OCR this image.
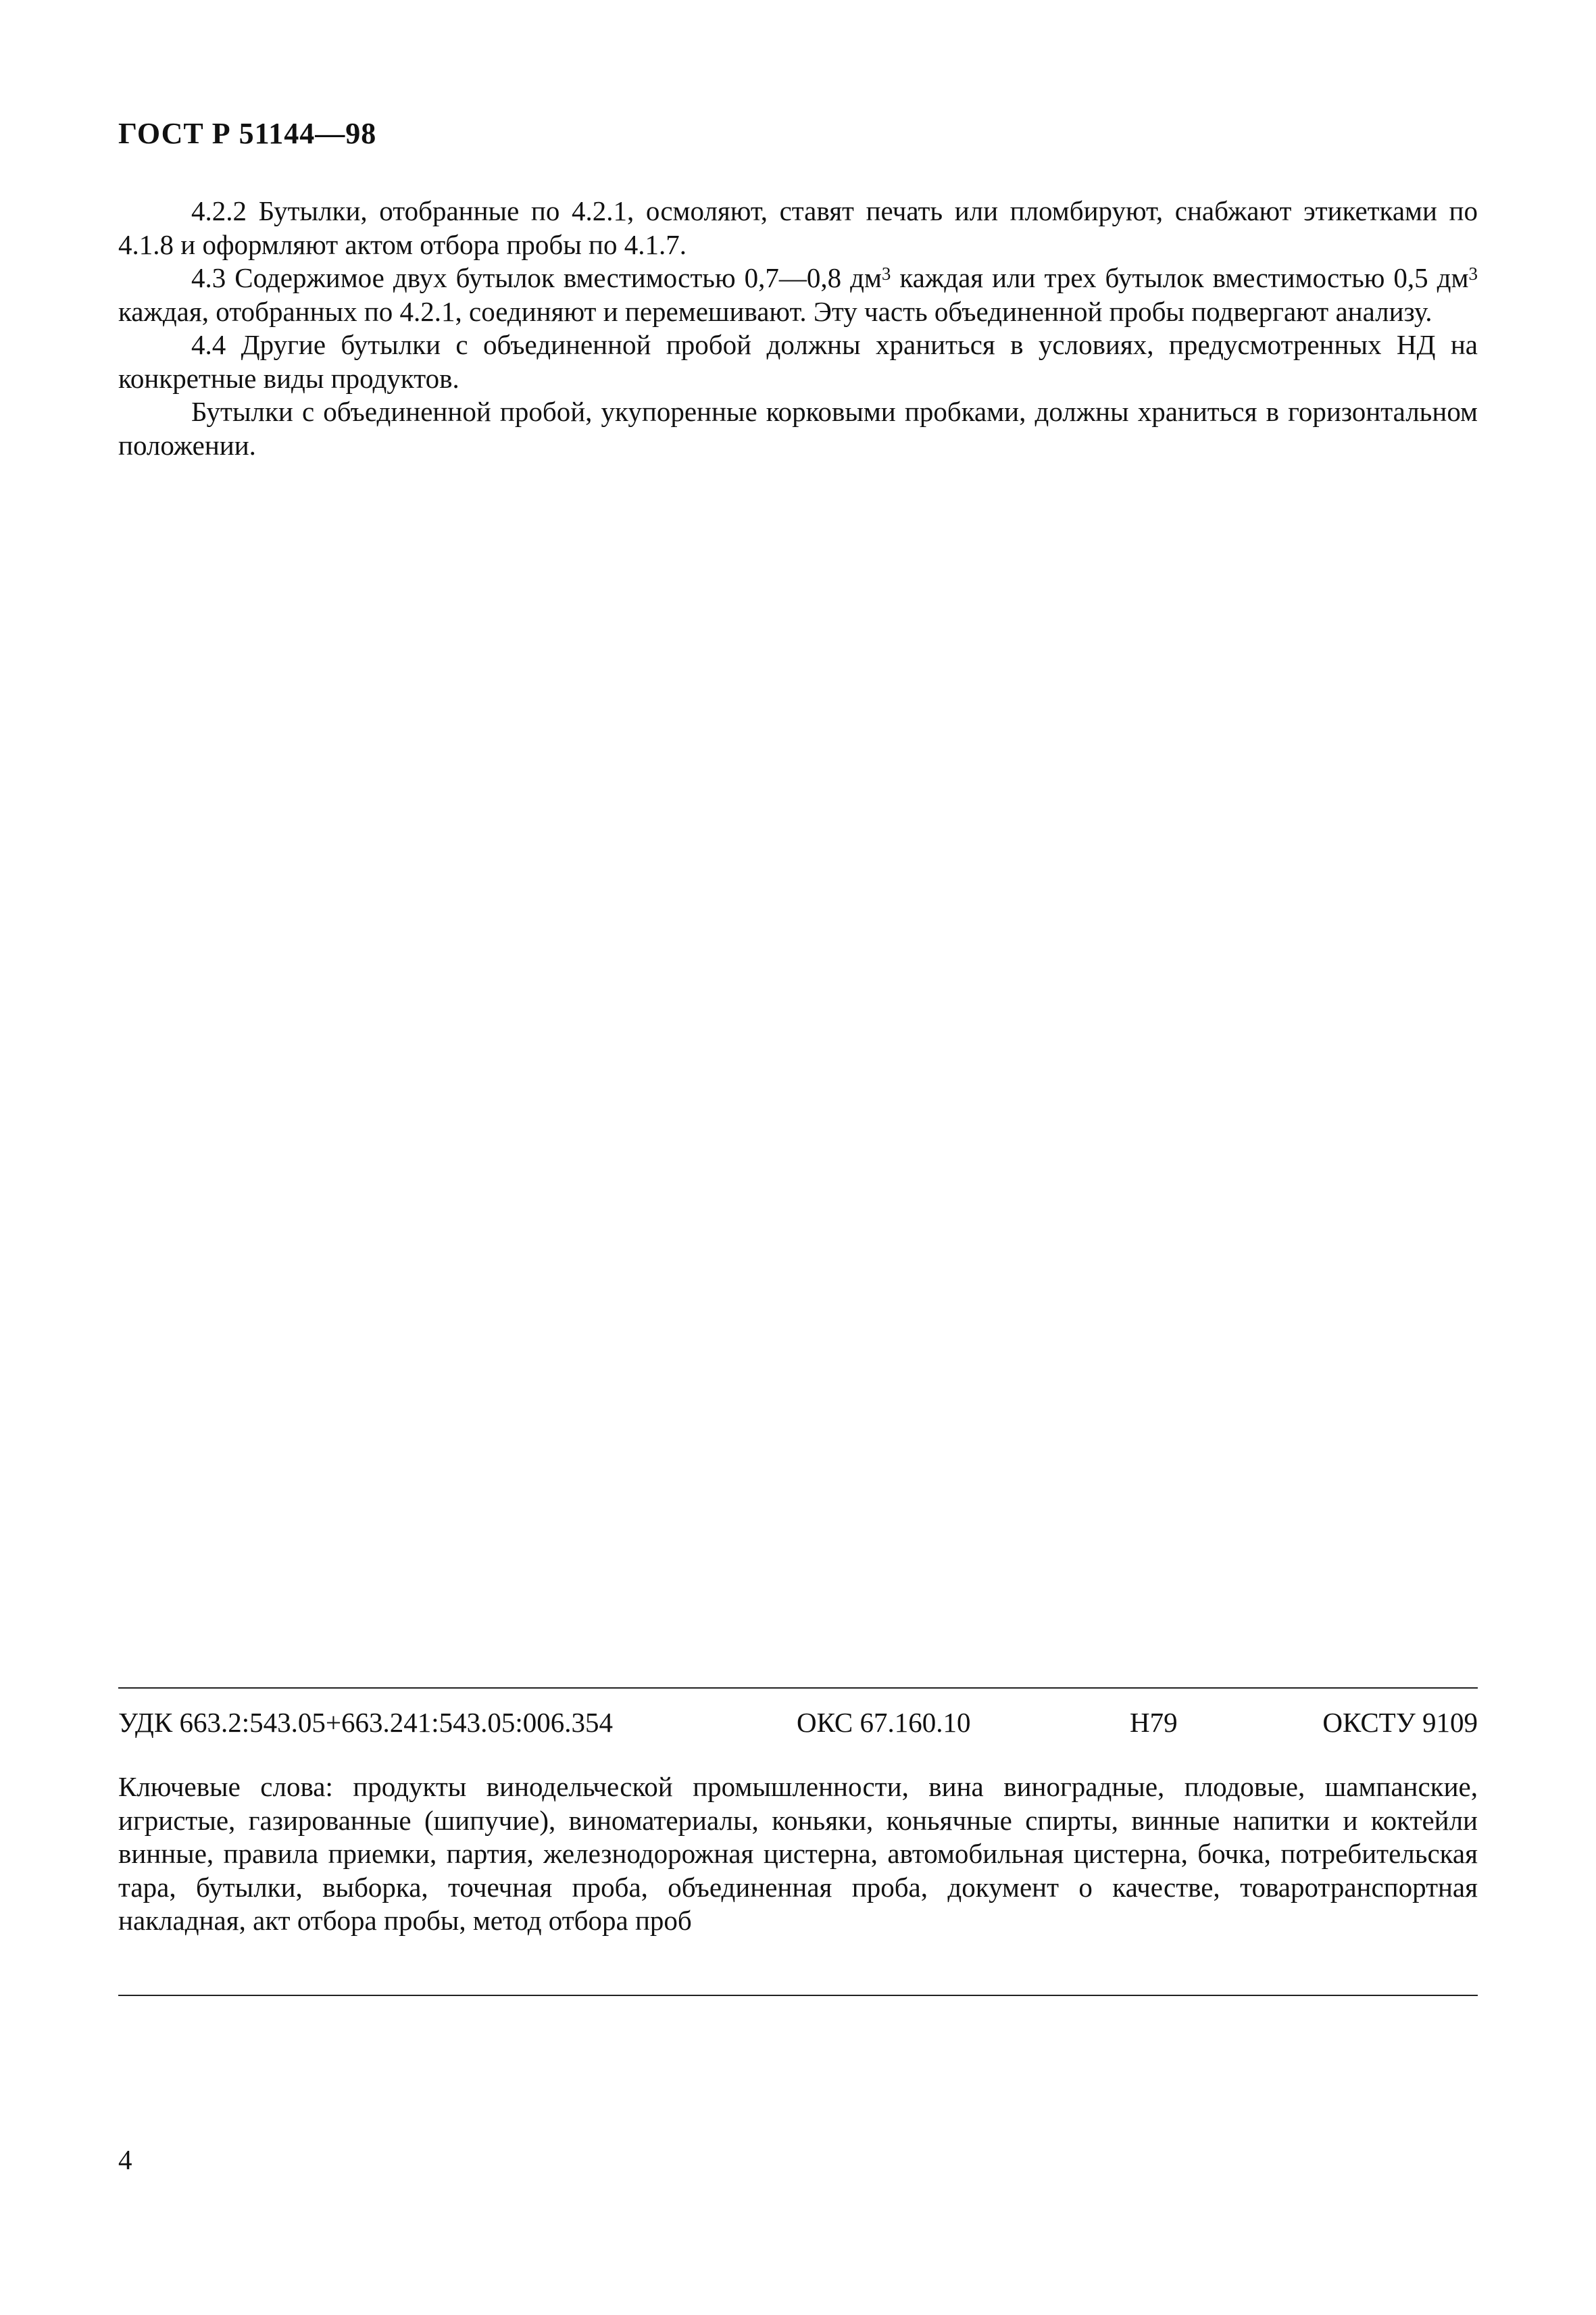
ГОСТ Р 51144—98

4.2.2 Бутылки, отобранные по 4.2.1, осмоляют, ставят печать или пломбируют, снабжают этикетками по 4.1.8 и оформляют актом отбора пробы по 4.1.7.

4.3 Содержимое двух бутылок вместимостью 0,7—0,8 $дм^3$ каждая или трех бутылок вместимостью 0,5 $дм^3$ каждая, отобранных по 4.2.1, соединяют и перемешивают. Эту часть объединенной пробы подвергают анализу.

4.4 Другие бутылки с объединенной пробой должны храниться в условиях, предусмотренных НД на конкретные виды продуктов.

Бутылки с объединенной пробой, укупоренные корковыми пробками, должны храниться в горизонтальном положении.

УДК 663.2:543.05+663.241:543.05:006.354	ОКС 67.160.10	Н79	ОКСТУ 9109

Ключевые слова: продукты винодельческой промышленности, вина виноградные, плодовые, шампанские, игристые, газированные (шипучие), виноматериалы, коньяки, коньячные спирты, винные напитки и коктейли винные, правила приемки, партия, железнодорожная цистерна, автомобильная цистерна, бочка, потребительская тара, бутылки, выборка, точечная проба, объединенная проба, документ о качестве, товаротранспортная накладная, акт отбора пробы, метод отбора проб

4
